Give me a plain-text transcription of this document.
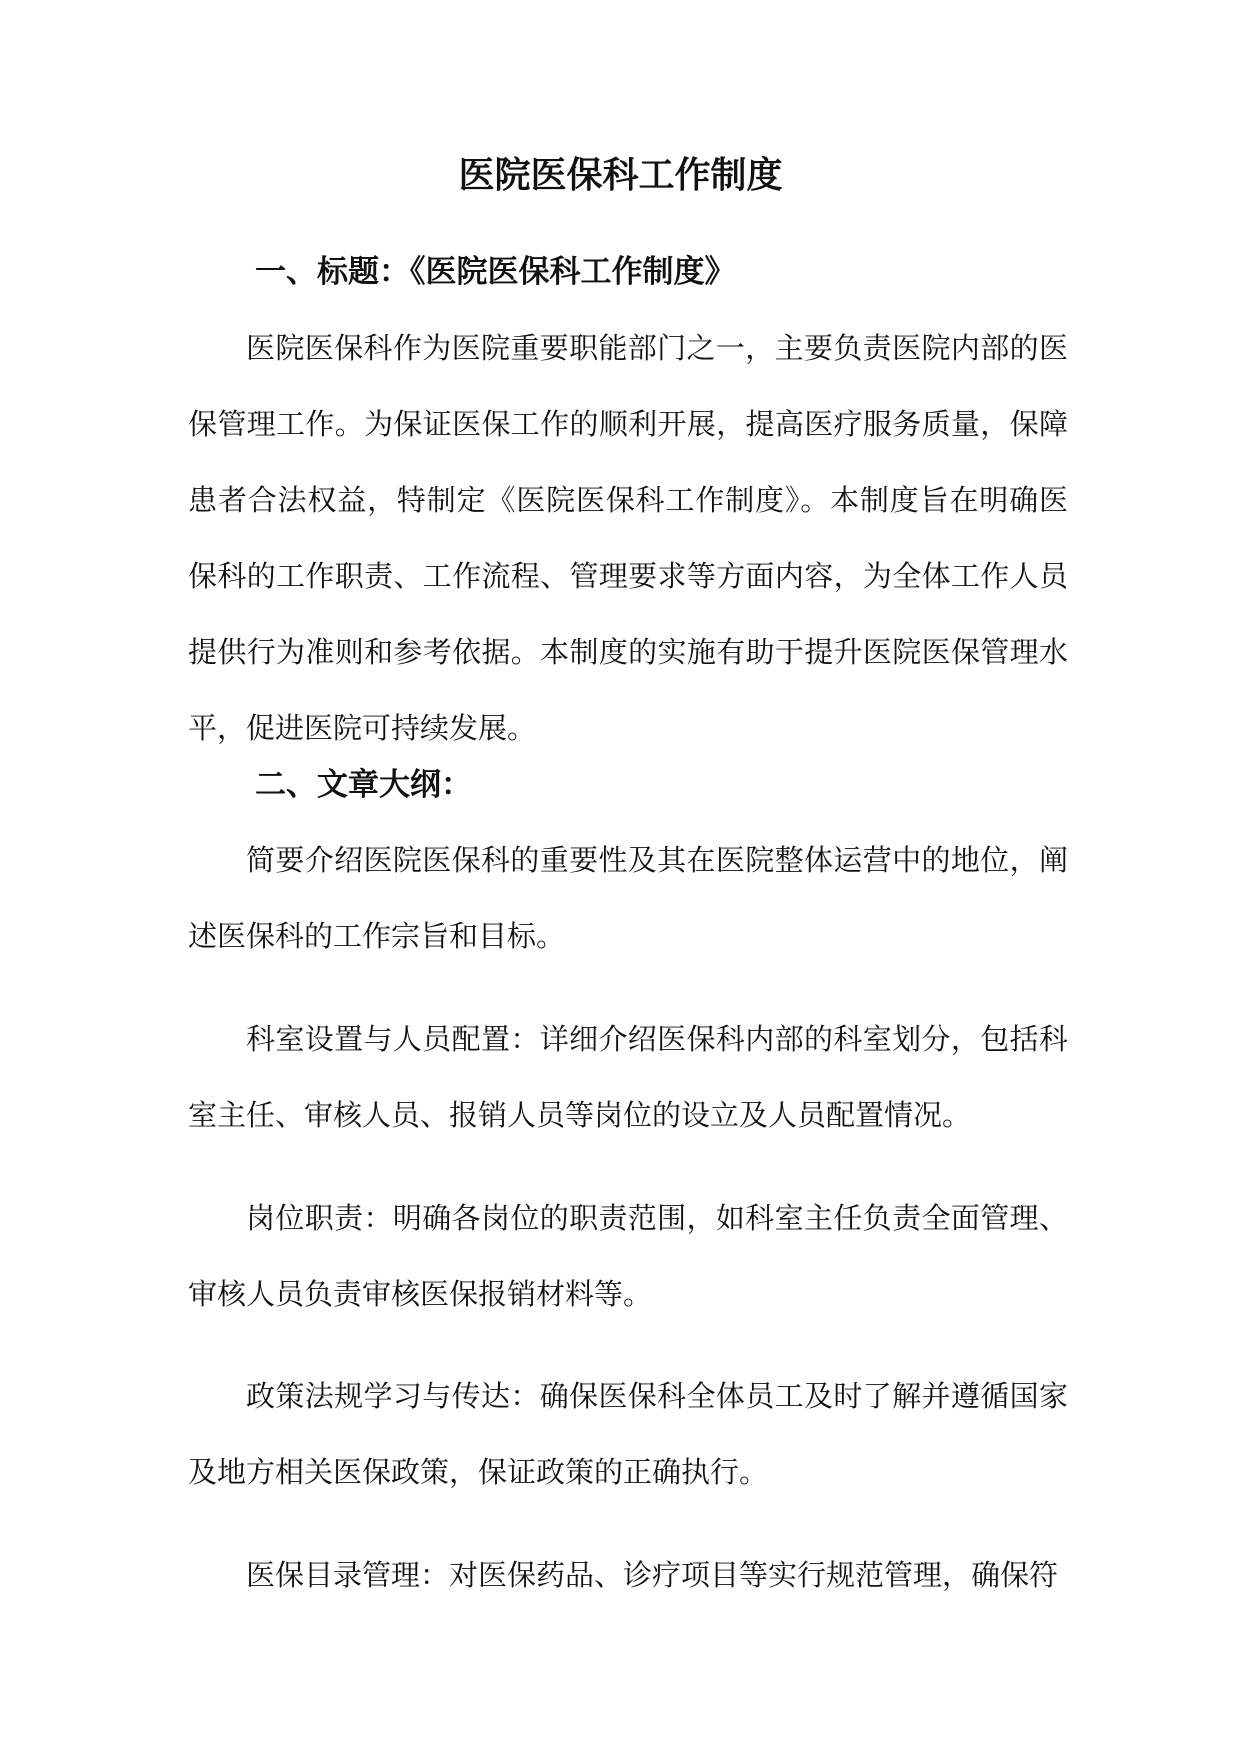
医院医保科工作制度
一、标题：《医院医保科工作制度》

医院医保科作为医院重要职能部门之一，主要负责医院内部的医保管理工作。为保证医保工作的顺利开展，提高医疗服务质量，保障患者合法权益，特制定《医院医保科工作制度》。本制度旨在明确医保科的工作职责、工作流程、管理要求等方面内容，为全体工作人员提供行为准则和参考依据。本制度的实施有助于提升医院医保管理水平，促进医院可持续发展。

二、文章大纲：

简要介绍医院医保科的重要性及其在医院整体运营中的地位，阐述医保科的工作宗旨和目标。

科室设置与人员配置：详细介绍医保科内部的科室划分，包括科室主任、审核人员、报销人员等岗位的设立及人员配置情况。

岗位职责：明确各岗位的职责范围，如科室主任负责全面管理、审核人员负责审核医保报销材料等。

政策法规学习与传达：确保医保科全体员工及时了解并遵循国家及地方相关医保政策，保证政策的正确执行。

医保目录管理：对医保药品、诊疗项目等实行规范管理，确保符
